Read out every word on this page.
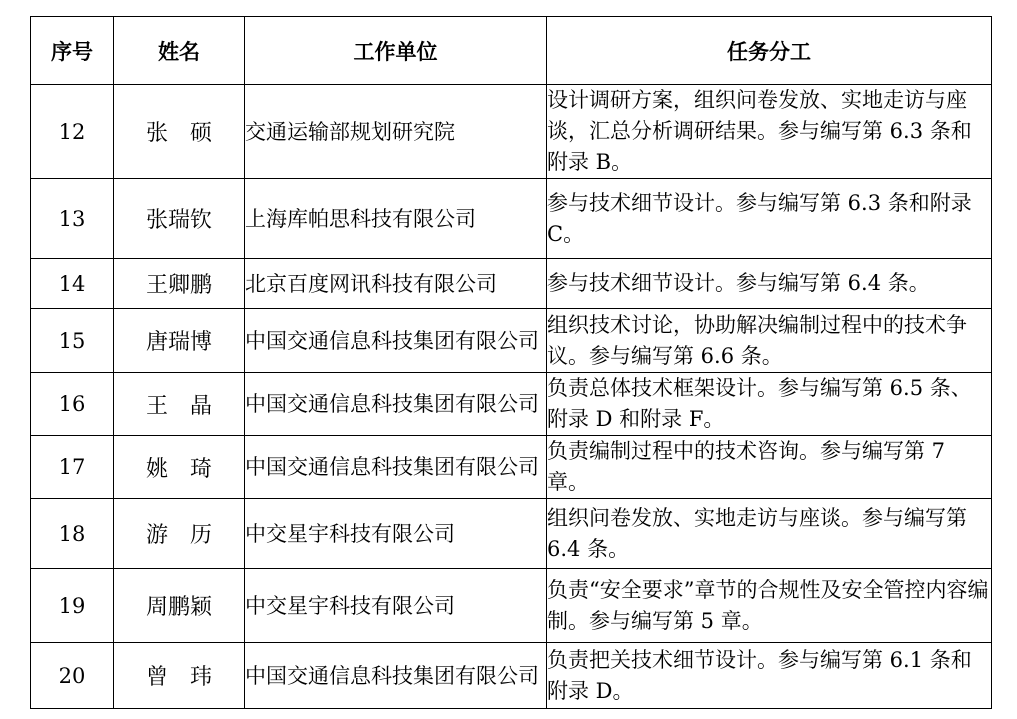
序号	姓名	工作单位	任务分工
12	张　硕	交通运输部规划研究院	设计调研方案，组织问卷发放、实地走访与座谈，汇总分析调研结果。参与编写第 6.3 条和附录 B。
13	张瑞钦	上海库帕思科技有限公司	参与技术细节设计。参与编写第 6.3 条和附录 C。
14	王卿鹏	北京百度网讯科技有限公司	参与技术细节设计。参与编写第 6.4 条。
15	唐瑞博	中国交通信息科技集团有限公司	组织技术讨论，协助解决编制过程中的技术争议。参与编写第 6.6 条。
16	王　晶	中国交通信息科技集团有限公司	负责总体技术框架设计。参与编写第 6.5 条、附录 D 和附录 F。
17	姚　琦	中国交通信息科技集团有限公司	负责编制过程中的技术咨询。参与编写第 7 章。
18	游　历	中交星宇科技有限公司	组织问卷发放、实地走访与座谈。参与编写第 6.4 条。
19	周鹏颖	中交星宇科技有限公司	负责“安全要求”章节的合规性及安全管控内容编制。参与编写第 5 章。
20	曾　玮	中国交通信息科技集团有限公司	负责把关技术细节设计。参与编写第 6.1 条和附录 D。
